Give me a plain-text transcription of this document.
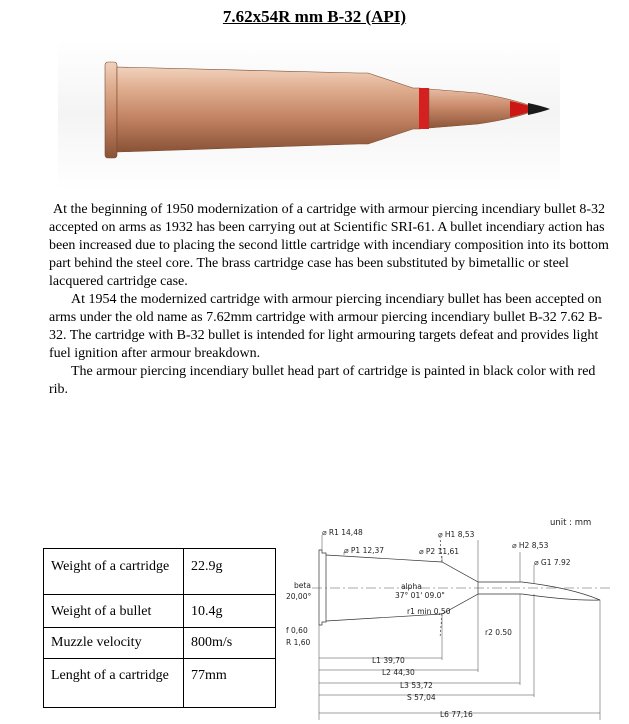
7.62x54R mm B-32 (API)

At the beginning of 1950 modernization of a cartridge with armour piercing incendiary bullet 8-32 accepted on arms as 1932 has been carrying out at Scientific SRI-61. A bullet incendiary action has been increased due to placing the second little cartridge with incendiary composition into its bottom part behind the steel core. The brass cartridge case has been substituted by bimetallic or steel lacquered cartridge case.

At 1954 the modernized cartridge with armour piercing incendiary bullet has been accepted on arms under the old name as 7.62mm cartridge with armour piercing incendiary bullet B-32 7.62 B-32. The cartridge with B-32 bullet is intended for light armouring targets defeat and provides light fuel ignition after armour breakdown.

The armour piercing incendiary bullet head part of cartridge is painted in black color with red rib.

Weight of a cartridge	22.9g
Weight of a bullet	10.4g
Muzzle velocity	800m/s
Lenght of a cartridge	77mm
unit : mm
⌀ R1 14,48
⌀ P1 12,37
⌀ H1 8,53
⌀ P2 11,61
⌀ H2 8,53
⌀ G1 7.92
beta
20,00°
alpha
37° 01' 09.0"
r1 min 0,50
r2 0.50
f 0,60
R 1,60
L1 39,70
L2 44,30
L3 53,72
S 57,04
L6 77,16
